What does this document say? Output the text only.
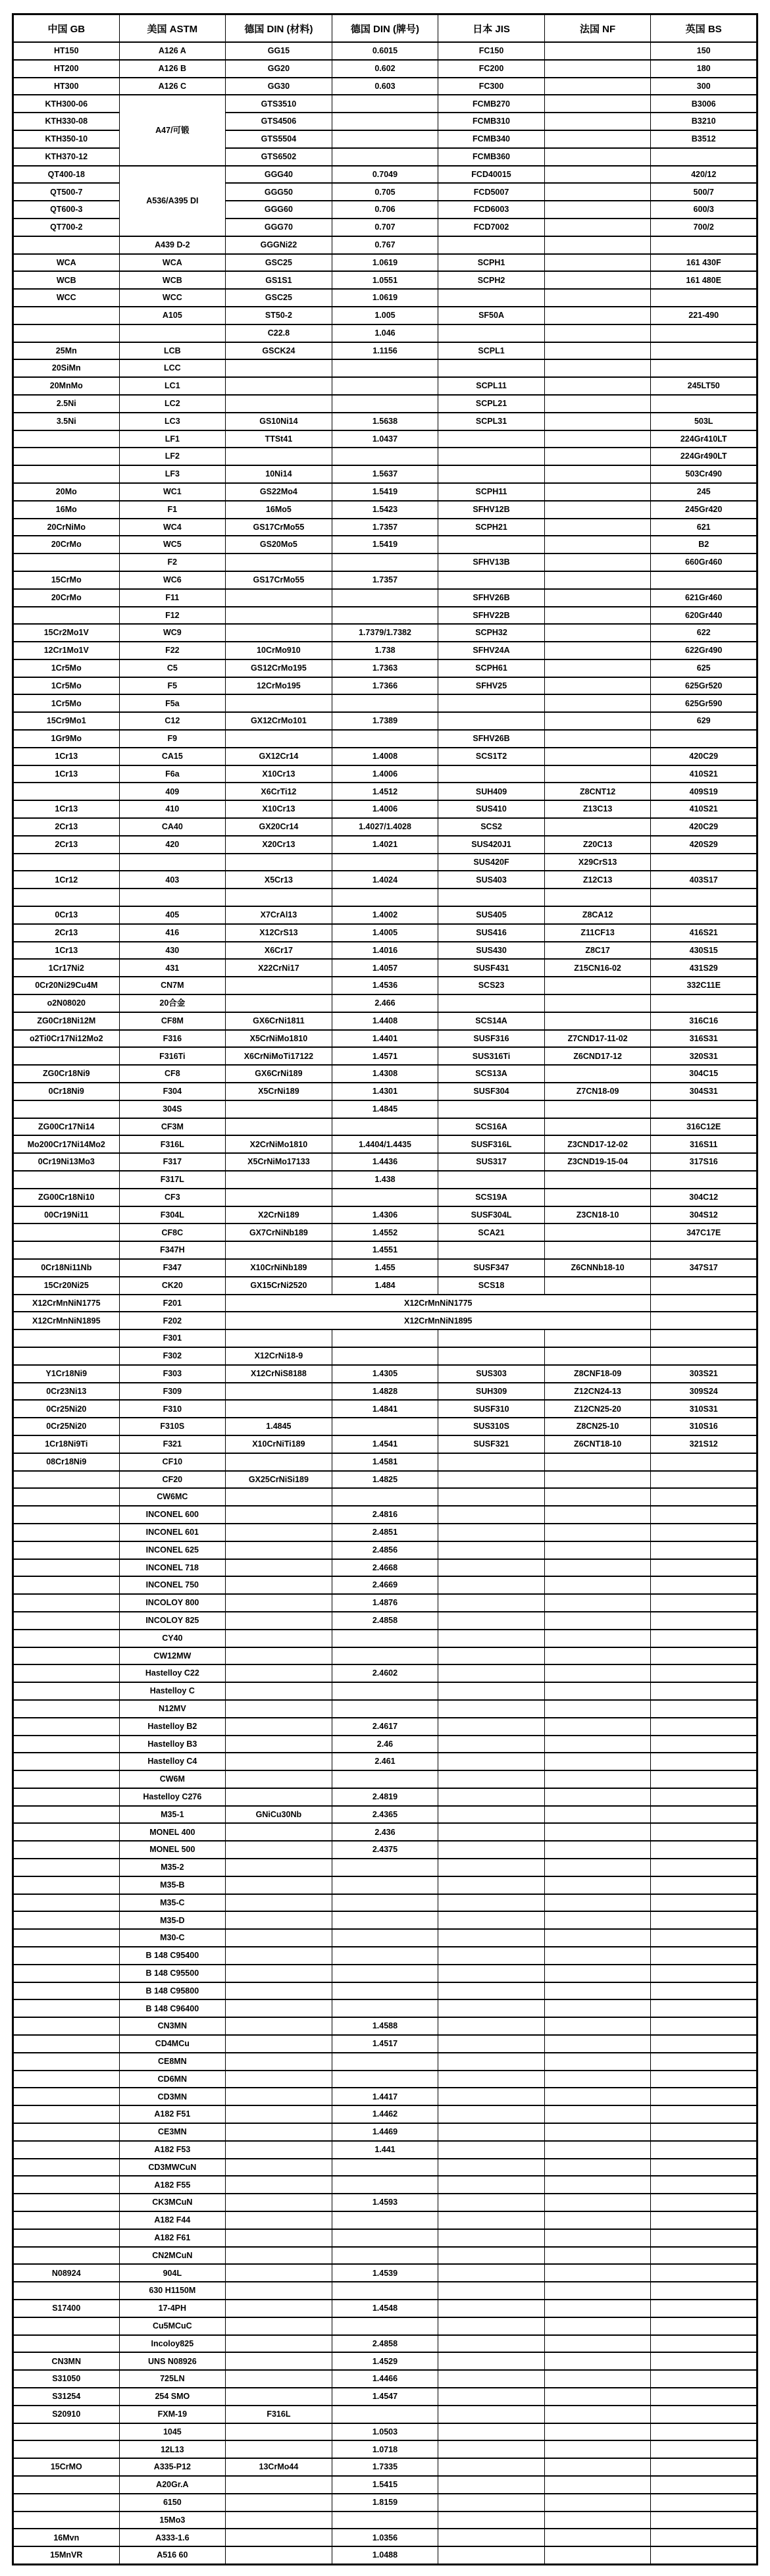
中国 GB	美国 ASTM	德国 DIN (材料)	德国 DIN (牌号)	日本 JIS	法国 NF	英国 BS
HT150	A126 A	GG15	0.6015	FC150		150
HT200	A126 B	GG20	0.602	FC200		180
HT300	A126 C	GG30	0.603	FC300		300
KTH300-06	A47/可锻	GTS3510		FCMB270		B3006
KTH330-08		GTS4506		FCMB310		B3210
KTH350-10		GTS5504		FCMB340		B3512
KTH370-12		GTS6502		FCMB360		
QT400-18	A536/A395 DI	GGG40	0.7049	FCD40015		420/12
QT500-7		GGG50	0.705	FCD5007		500/7
QT600-3		GGG60	0.706	FCD6003		600/3
QT700-2		GGG70	0.707	FCD7002		700/2
	A439 D-2	GGGNi22	0.767			
WCA	WCA	GSC25	1.0619	SCPH1		161 430F
WCB	WCB	GS1S1	1.0551	SCPH2		161 480E
WCC	WCC	GSC25	1.0619			
	A105	ST50-2	1.005	SF50A		221-490
		C22.8	1.046			
25Mn	LCB	GSCK24	1.1156	SCPL1		
20SiMn	LCC					
20MnMo	LC1			SCPL11		245LT50
2.5Ni	LC2			SCPL21		
3.5Ni	LC3	GS10Ni14	1.5638	SCPL31		503L
	LF1	TTSt41	1.0437			224Gr410LT
	LF2					224Gr490LT
	LF3	10Ni14	1.5637			503Cr490
20Mo	WC1	GS22Mo4	1.5419	SCPH11		245
16Mo	F1	16Mo5	1.5423	SFHV12B		245Gr420
20CrNiMo	WC4	GS17CrMo55	1.7357	SCPH21		621
20CrMo	WC5	GS20Mo5	1.5419			B2
	F2			SFHV13B		660Gr460
15CrMo	WC6	GS17CrMo55	1.7357			
20CrMo	F11			SFHV26B		621Gr460
	F12			SFHV22B		620Gr440
15Cr2Mo1V	WC9		1.7379/1.7382	SCPH32		622
12Cr1Mo1V	F22	10CrMo910	1.738	SFHV24A		622Gr490
1Cr5Mo	C5	GS12CrMo195	1.7363	SCPH61		625
1Cr5Mo	F5	12CrMo195	1.7366	SFHV25		625Gr520
1Cr5Mo	F5a					625Gr590
15Cr9Mo1	C12	GX12CrMo101	1.7389			629
1Gr9Mo	F9			SFHV26B		
1Cr13	CA15	GX12Cr14	1.4008	SCS1T2		420C29
1Cr13	F6a	X10Cr13	1.4006			410S21
	409	X6CrTi12	1.4512	SUH409	Z8CNT12	409S19
1Cr13	410	X10Cr13	1.4006	SUS410	Z13C13	410S21
2Cr13	CA40	GX20Cr14	1.4027/1.4028	SCS2		420C29
2Cr13	420	X20Cr13	1.4021	SUS420J1	Z20C13	420S29
				SUS420F	X29CrS13	
1Cr12	403	X5Cr13	1.4024	SUS403	Z12C13	403S17

0Cr13	405	X7CrAl13	1.4002	SUS405	Z8CA12	
2Cr13	416	X12CrS13	1.4005	SUS416	Z11CF13	416S21
1Cr13	430	X6Cr17	1.4016	SUS430	Z8C17	430S15
1Cr17Ni2	431	X22CrNi17	1.4057	SUSF431	Z15CN16-02	431S29
0Cr20Ni29Cu4M	CN7M		1.4536	SCS23		332C11E
o2N08020	20合金		2.466			
ZG0Cr18Ni12M	CF8M	GX6CrNi1811	1.4408	SCS14A		316C16
o2Ti0Cr17Ni12Mo2	F316	X5CrNiMo1810	1.4401	SUSF316	Z7CND17-11-02	316S31
	F316Ti	X6CrNiMoTi17122	1.4571	SUS316Ti	Z6CND17-12	320S31
ZG0Cr18Ni9	CF8	GX6CrNi189	1.4308	SCS13A		304C15
0Cr18Ni9	F304	X5CrNi189	1.4301	SUSF304	Z7CN18-09	304S31
	304S		1.4845			
ZG00Cr17Ni14	CF3M			SCS16A		316C12E
Mo200Cr17Ni14Mo2	F316L	X2CrNiMo1810	1.4404/1.4435	SUSF316L	Z3CND17-12-02	316S11
0Cr19Ni13Mo3	F317	X5CrNiMo17133	1.4436	SUS317	Z3CND19-15-04	317S16
	F317L		1.438			
ZG00Cr18Ni10	CF3			SCS19A		304C12
00Cr19Ni11	F304L	X2CrNi189	1.4306	SUSF304L	Z3CN18-10	304S12
	CF8C	GX7CrNiNb189	1.4552	SCA21		347C17E
	F347H		1.4551			
0Cr18Ni11Nb	F347	X10CrNiNb189	1.455	SUSF347	Z6CNNb18-10	347S17
15Cr20Ni25	CK20	GX15CrNi2520	1.484	SCS18		
X12CrMnNiN1775	F201	X12CrMnNiN1775				
X12CrMnNiN1895	F202	X12CrMnNiN1895				
	F301					
	F302	X12CrNi18-9				
Y1Cr18Ni9	F303	X12CrNiS8188	1.4305	SUS303	Z8CNF18-09	303S21
0Cr23Ni13	F309		1.4828	SUH309	Z12CN24-13	309S24
0Cr25Ni20	F310		1.4841	SUSF310	Z12CN25-20	310S31
0Cr25Ni20	F310S	1.4845		SUS310S	Z8CN25-10	310S16
1Cr18Ni9Ti	F321	X10CrNiTi189	1.4541	SUSF321	Z6CNT18-10	321S12
08Cr18Ni9	CF10		1.4581			
	CF20	GX25CrNiSi189	1.4825			
	CW6MC					
	INCONEL 600		2.4816			
	INCONEL 601		2.4851			
	INCONEL 625		2.4856			
	INCONEL 718		2.4668			
	INCONEL 750		2.4669			
	INCOLOY 800		1.4876			
	INCOLOY 825		2.4858			
	CY40					
	CW12MW					
	Hastelloy C22		2.4602			
	Hastelloy C					
	N12MV					
	Hastelloy B2		2.4617			
	Hastelloy B3		2.46			
	Hastelloy C4		2.461			
	CW6M					
	Hastelloy C276		2.4819			
	M35-1	GNiCu30Nb	2.4365			
	MONEL 400		2.436			
	MONEL 500		2.4375			
	M35-2					
	M35-B					
	M35-C					
	M35-D					
	M30-C					
	B 148 C95400					
	B 148 C95500					
	B 148 C95800					
	B 148 C96400					
	CN3MN		1.4588			
	CD4MCu		1.4517			
	CE8MN					
	CD6MN					
	CD3MN		1.4417			
	A182 F51		1.4462			
	CE3MN		1.4469			
	A182 F53		1.441			
	CD3MWCuN					
	A182 F55					
	CK3MCuN		1.4593			
	A182 F44					
	A182 F61					
	CN2MCuN					
N08924	904L		1.4539			
	630 H1150M					
S17400	17-4PH		1.4548			
	Cu5MCuC					
	Incoloy825		2.4858			
CN3MN	UNS N08926		1.4529			
S31050	725LN		1.4466			
S31254	254 SMO		1.4547			
S20910	FXM-19	F316L				
	1045		1.0503			
	12L13		1.0718			
15CrMO	A335-P12	13CrMo44	1.7335			
	A20Gr.A		1.5415			
	6150		1.8159			
	15Mo3					
16Mvn	A333-1.6		1.0356			
15MnVR	A516 60		1.0488			
